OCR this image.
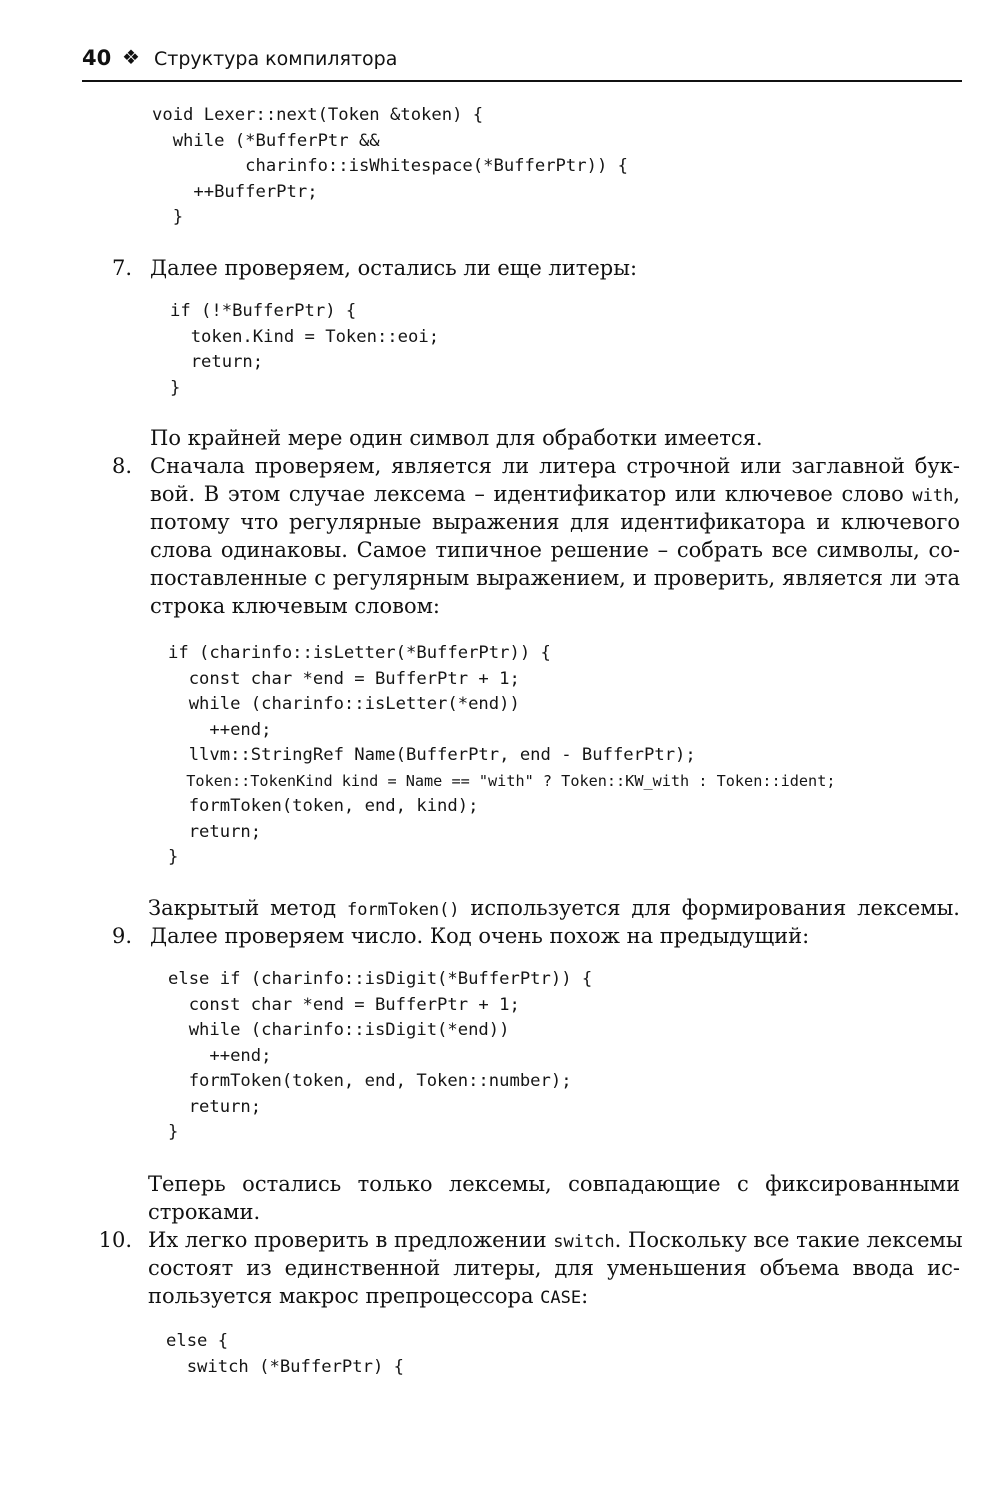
40 ❖ Структура компилятора
void Lexer::next(Token &token) {
while (*BufferPtr &&
charinfo::isWhitespace(*BufferPtr)) {
++BufferPtr;
}
7. Далее проверяем, остались ли еще литеры:
if (!*BufferPtr) {
token.Kind = Token::eoi;
return;
}
По крайней мере один символ для обработки имеется.
8. Сначала проверяем, является ли литера строчной или заглавной бук-
вой. В этом случае лексема – идентификатор или ключевое слово with,
потому что регулярные выражения для идентификатора и ключевого
слова одинаковы. Самое типичное решение – собрать все символы, со-
поставленные с регулярным выражением, и проверить, является ли эта
строка ключевым словом:
if (charinfo::isLetter(*BufferPtr)) {
const char *end = BufferPtr + 1;
while (charinfo::isLetter(*end))
++end;
llvm::StringRef Name(BufferPtr, end - BufferPtr);
Token::TokenKind kind = Name == "with" ? Token::KW_with : Token::ident;
formToken(token, end, kind);
return;
}
Закрытый метод formToken() используется для формирования лексемы.
9. Далее проверяем число. Код очень похож на предыдущий:
else if (charinfo::isDigit(*BufferPtr)) {
const char *end = BufferPtr + 1;
while (charinfo::isDigit(*end))
++end;
formToken(token, end, Token::number);
return;
}
Теперь остались только лексемы, совпадающие с фиксированными
строками.
10. Их легко проверить в предложении switch. Поскольку все такие лексемы
состоят из единственной литеры, для уменьшения объема ввода ис-
пользуется макрос препроцессора CASE:
else {
switch (*BufferPtr) {
